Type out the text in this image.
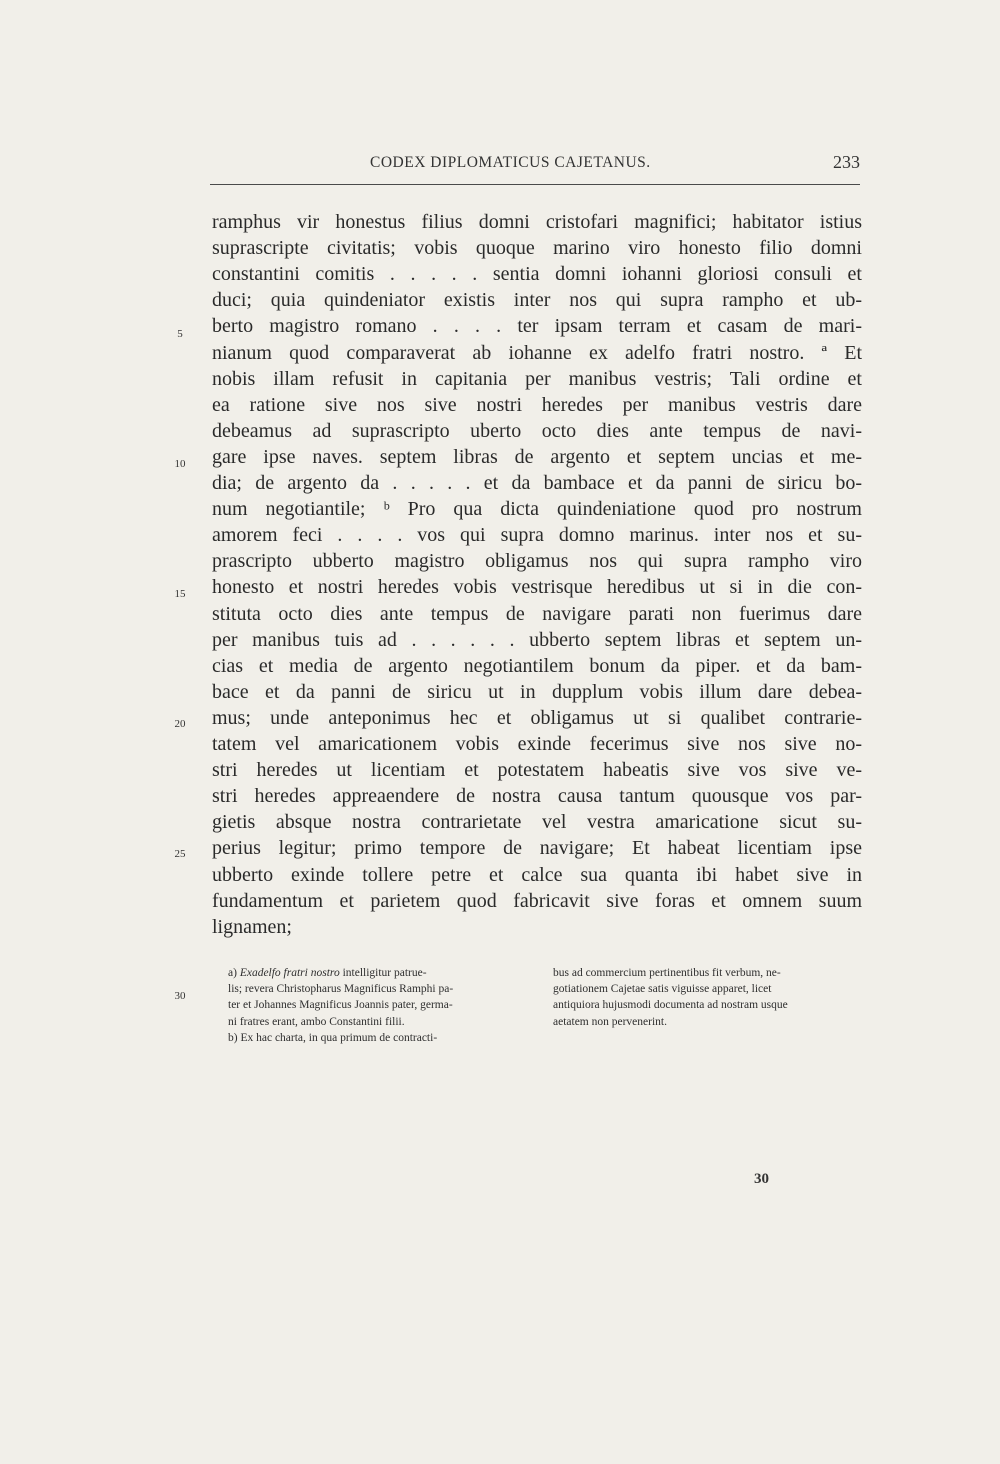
CODEX DIPLOMATICUS CAJETANUS.	233
ramphus vir honestus filius domni cristofari magnifici; habitator istius
suprascripte civitatis; vobis quoque marino viro honesto filio domni
constantini comitis . . . . . sentia domni iohanni gloriosi consuli et
duci; quia quindeniator existis inter nos qui supra rampho et ub-
berto magistro romano . . . . ter ipsam terram et casam de mari-
nianum quod comparaverat ab iohanne ex adelfo fratri nostro. ª Et
nobis illam refusit in capitania per manibus vestris; Tali ordine et
ea ratione sive nos sive nostri heredes per manibus vestris dare
debeamus ad suprascripto uberto octo dies ante tempus de navi-
gare ipse naves. septem libras de argento et septem uncias et me-
dia; de argento da . . . . . et da bambace et da panni de siricu bo-
num negotiantile; ᵇ Pro qua dicta quindeniatione quod pro nostrum
amorem feci . . . . vos qui supra domno marinus. inter nos et su-
prascripto ubberto magistro obligamus nos qui supra rampho viro
honesto et nostri heredes vobis vestrisque heredibus ut si in die con-
stituta octo dies ante tempus de navigare parati non fuerimus dare
per manibus tuis ad . . . . . . ubberto septem libras et septem un-
cias et media de argento negotiantilem bonum da piper. et da bam-
bace et da panni de siricu ut in dupplum vobis illum dare debea-
mus; unde anteponimus hec et obligamus ut si qualibet contrarie-
tatem vel amaricationem vobis exinde fecerimus sive nos sive no-
stri heredes ut licentiam et potestatem habeatis sive vos sive ve-
stri heredes appreaendere de nostra causa tantum quousque vos par-
gietis absque nostra contrarietate vel vestra amaricatione sicut su-
perius legitur; primo tempore de navigare; Et habeat licentiam ipse
ubberto exinde tollere petre et calce sua quanta ibi habet sive in
fundamentum et parietem quod fabricavit sive foras et omnem suum
lignamen;
5
10
15
20
25
30
a) Exadelfo fratri nostro intelligitur patrue-
lis; revera Christopharus Magnificus Ramphi pa-
ter et Johannes Magnificus Joannis pater, germa-
ni fratres erant, ambo Constantini filii.
b) Ex hac charta, in qua primum de contracti-
bus ad commercium pertinentibus fit verbum, ne-
gotiationem Cajetae satis viguisse apparet, licet
antiquiora hujusmodi documenta ad nostram usque
aetatem non pervenerint.
30
